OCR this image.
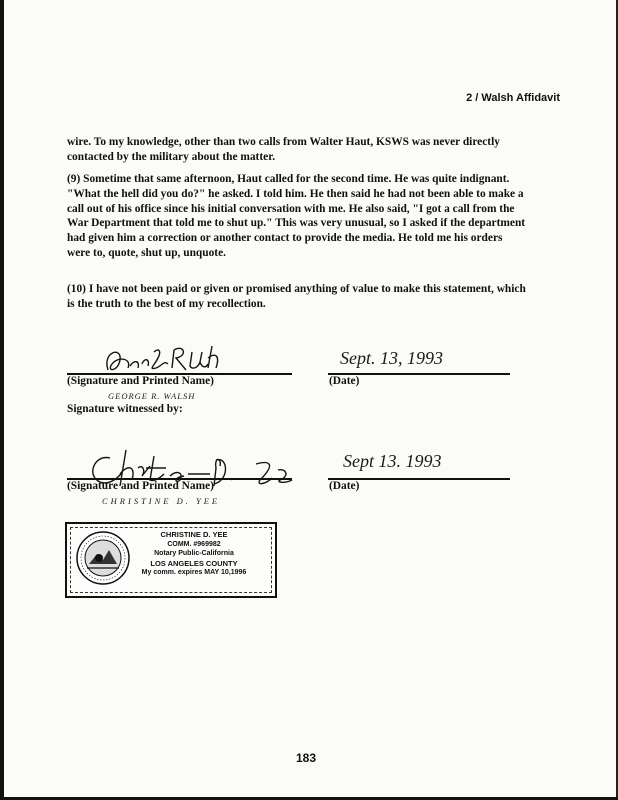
2 / Walsh Affidavit

wire. To my knowledge, other than two calls from Walter Haut, KSWS was never directly contacted by the military about the matter.

(9) Sometime that same afternoon, Haut called for the second time. He was quite indignant. "What the hell did you do?" he asked. I told him. He then said he had not been able to make a call out of his office since his initial conversation with me. He also said, "I got a call from the War Department that told me to shut up." This was very unusual, so I asked if the department had given him a correction or another contact to provide the media. He told me his orders were to, quote, shut up, unquote.

(10) I have not been paid or given or promised anything of value to make this statement, which is the truth to the best of my recollection.

(Signature and Printed Name)
GEORGE R. WALSH
Sept. 13, 1993
(Date)
Signature witnessed by:
(Signature and Printed Name)
CHRISTINE D. YEE
Sept 13. 1993
(Date)
CHRISTINE D. YEE
COMM. #969982
Notary Public-California
LOS ANGELES COUNTY
My comm. expires MAY 10,1996
183
